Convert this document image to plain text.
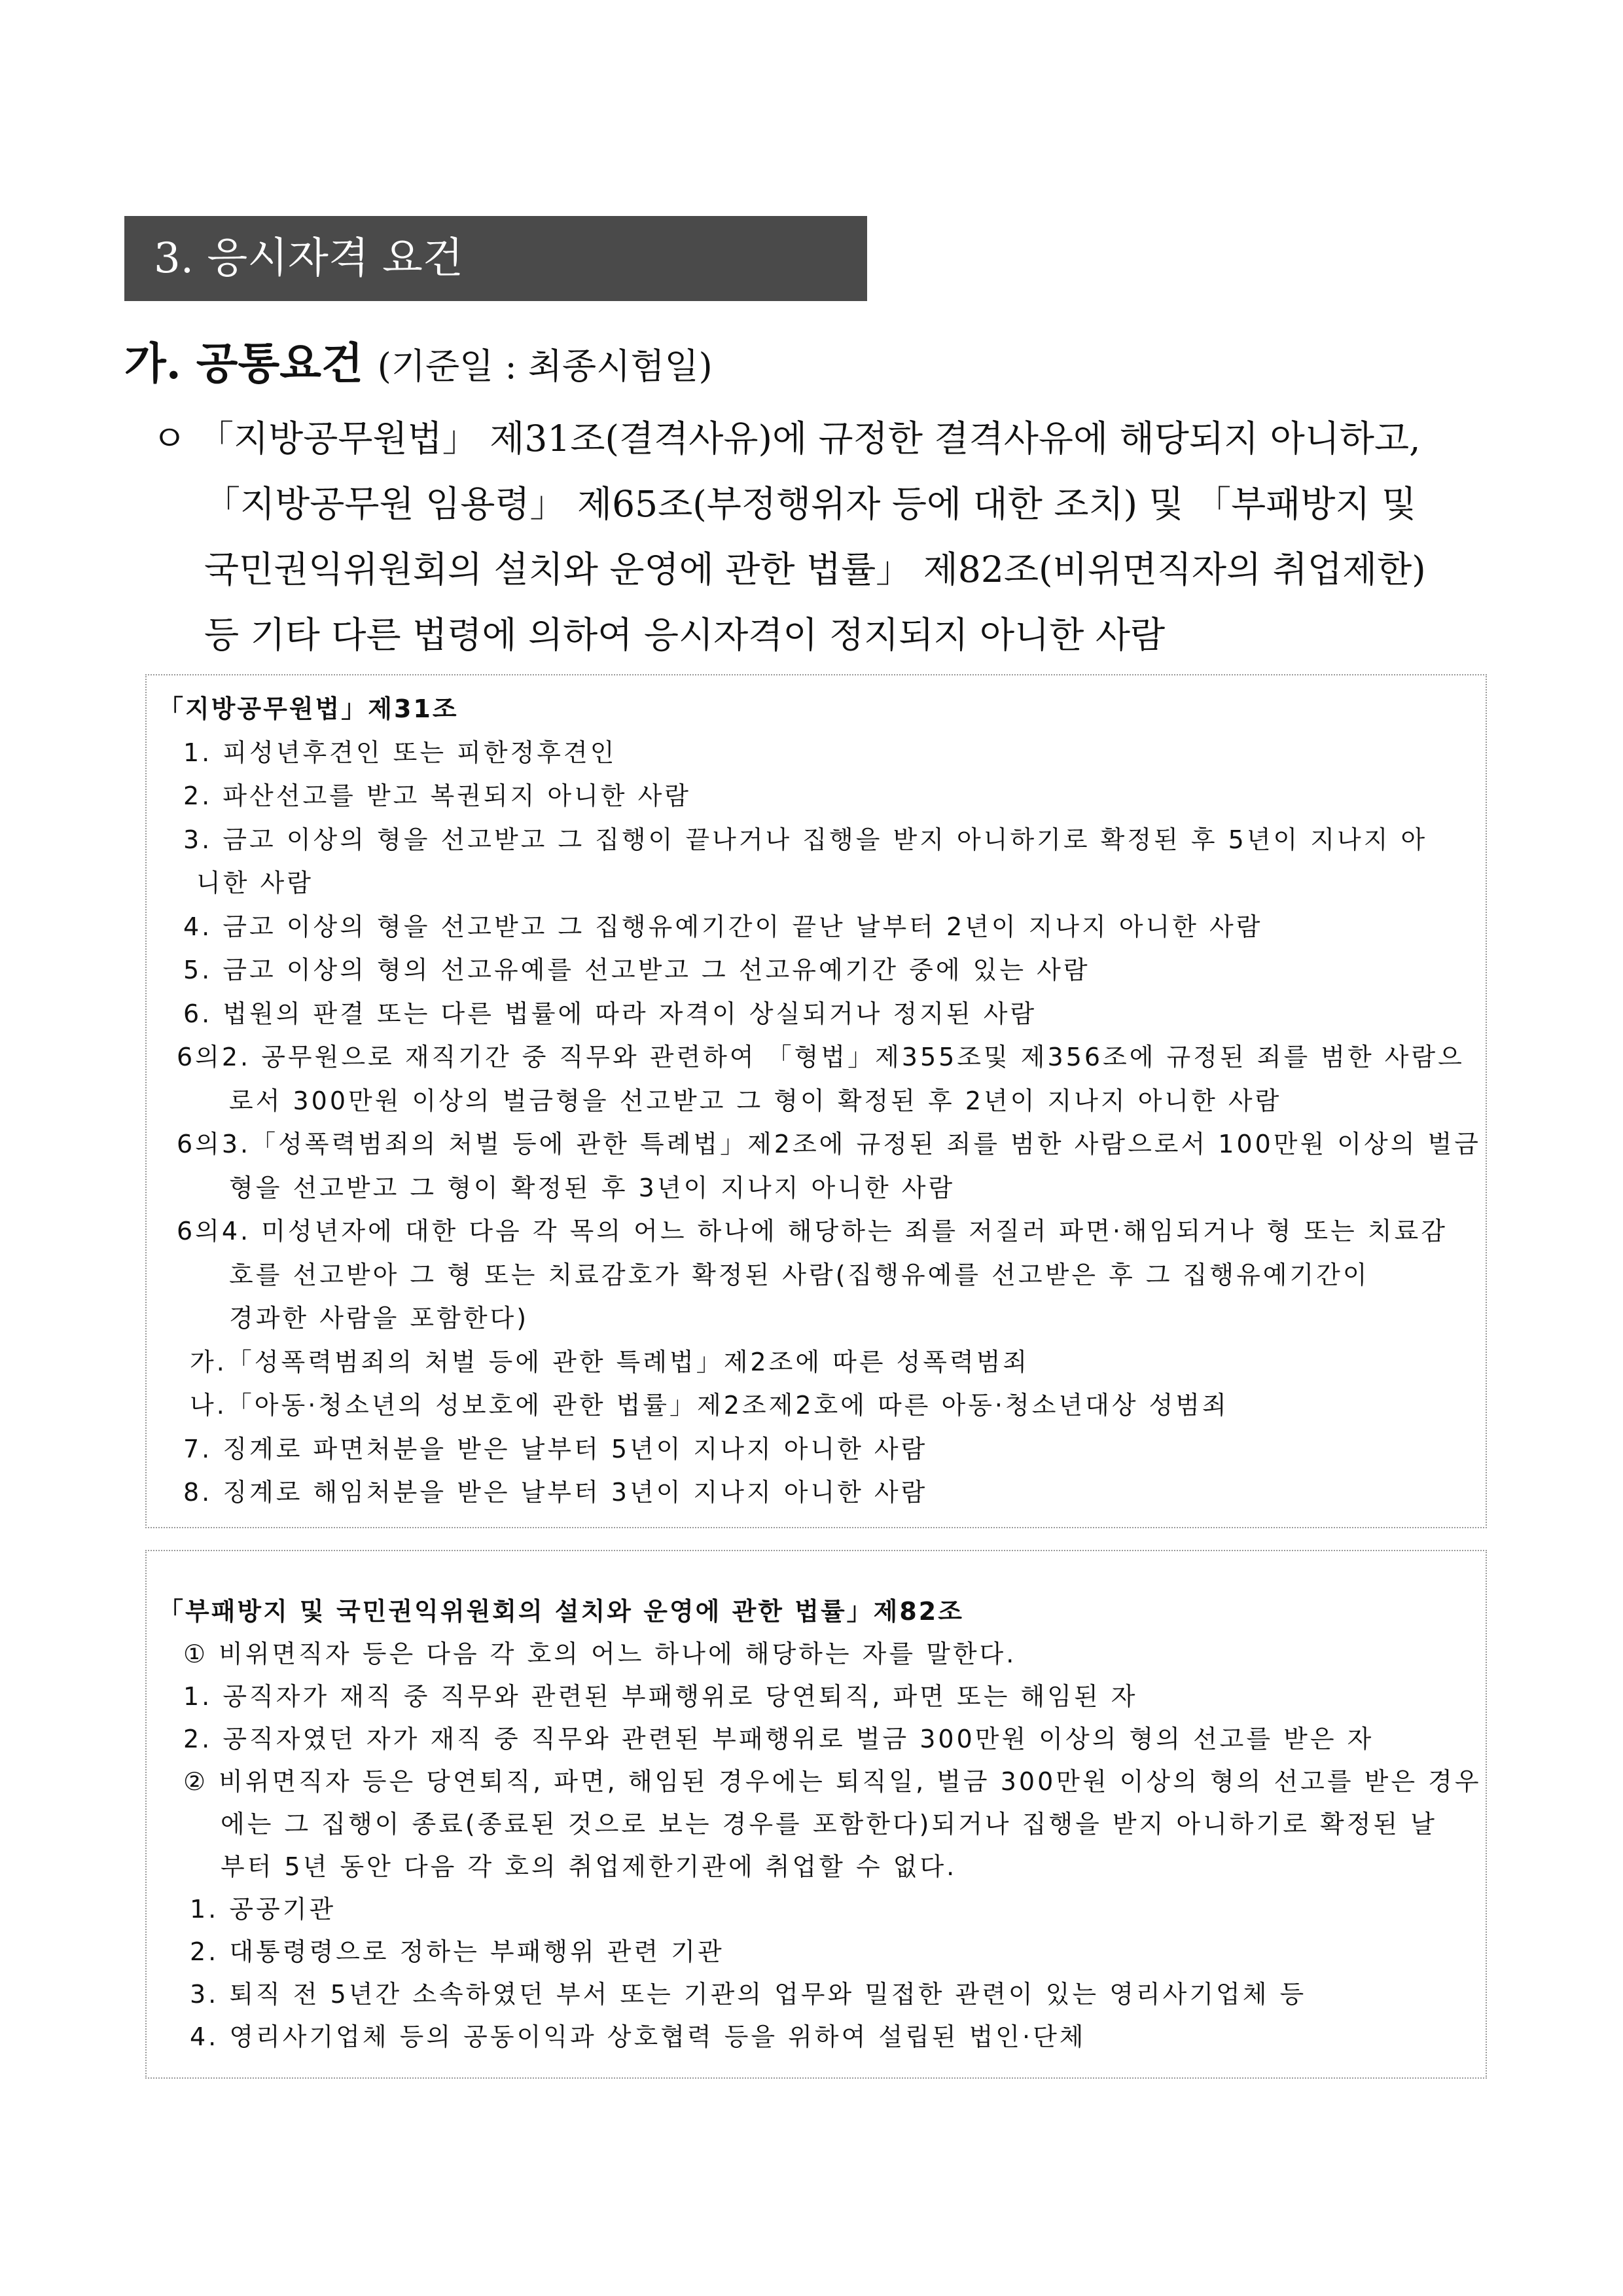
3. 응시자격 요건
가. 공통요건 (기준일 : 최종시험일)
ㅇ 「지방공무원법」 제31조(결격사유)에 규정한 결격사유에 해당되지 아니하고,
「지방공무원 임용령」 제65조(부정행위자 등에 대한 조치) 및 「부패방지 및
국민권익위원회의 설치와 운영에 관한 법률」 제82조(비위면직자의 취업제한)
등 기타 다른 법령에 의하여 응시자격이 정지되지 아니한 사람
「지방공무원법」제31조
1. 피성년후견인 또는 피한정후견인
2. 파산선고를 받고 복권되지 아니한 사람
3. 금고 이상의 형을 선고받고 그 집행이 끝나거나 집행을 받지 아니하기로 확정된 후 5년이 지나지 아
니한 사람
4. 금고 이상의 형을 선고받고 그 집행유예기간이 끝난 날부터 2년이 지나지 아니한 사람
5. 금고 이상의 형의 선고유예를 선고받고 그 선고유예기간 중에 있는 사람
6. 법원의 판결 또는 다른 법률에 따라 자격이 상실되거나 정지된 사람
6의2. 공무원으로 재직기간 중 직무와 관련하여 「형법」제355조및 제356조에 규정된 죄를 범한 사람으
로서 300만원 이상의 벌금형을 선고받고 그 형이 확정된 후 2년이 지나지 아니한 사람
6의3.「성폭력범죄의 처벌 등에 관한 특례법」제2조에 규정된 죄를 범한 사람으로서 100만원 이상의 벌금
형을 선고받고 그 형이 확정된 후 3년이 지나지 아니한 사람
6의4. 미성년자에 대한 다음 각 목의 어느 하나에 해당하는 죄를 저질러 파면·해임되거나 형 또는 치료감
호를 선고받아 그 형 또는 치료감호가 확정된 사람(집행유예를 선고받은 후 그 집행유예기간이
경과한 사람을 포함한다)
가.「성폭력범죄의 처벌 등에 관한 특례법」제2조에 따른 성폭력범죄
나.「아동·청소년의 성보호에 관한 법률」제2조제2호에 따른 아동·청소년대상 성범죄
7. 징계로 파면처분을 받은 날부터 5년이 지나지 아니한 사람
8. 징계로 해임처분을 받은 날부터 3년이 지나지 아니한 사람
「부패방지 및 국민권익위원회의 설치와 운영에 관한 법률」제82조
① 비위면직자 등은 다음 각 호의 어느 하나에 해당하는 자를 말한다.
1. 공직자가 재직 중 직무와 관련된 부패행위로 당연퇴직, 파면 또는 해임된 자
2. 공직자였던 자가 재직 중 직무와 관련된 부패행위로 벌금 300만원 이상의 형의 선고를 받은 자
② 비위면직자 등은 당연퇴직, 파면, 해임된 경우에는 퇴직일, 벌금 300만원 이상의 형의 선고를 받은 경우
에는 그 집행이 종료(종료된 것으로 보는 경우를 포함한다)되거나 집행을 받지 아니하기로 확정된 날
부터 5년 동안 다음 각 호의 취업제한기관에 취업할 수 없다.
1. 공공기관
2. 대통령령으로 정하는 부패행위 관련 기관
3. 퇴직 전 5년간 소속하였던 부서 또는 기관의 업무와 밀접한 관련이 있는 영리사기업체 등
4. 영리사기업체 등의 공동이익과 상호협력 등을 위하여 설립된 법인·단체
